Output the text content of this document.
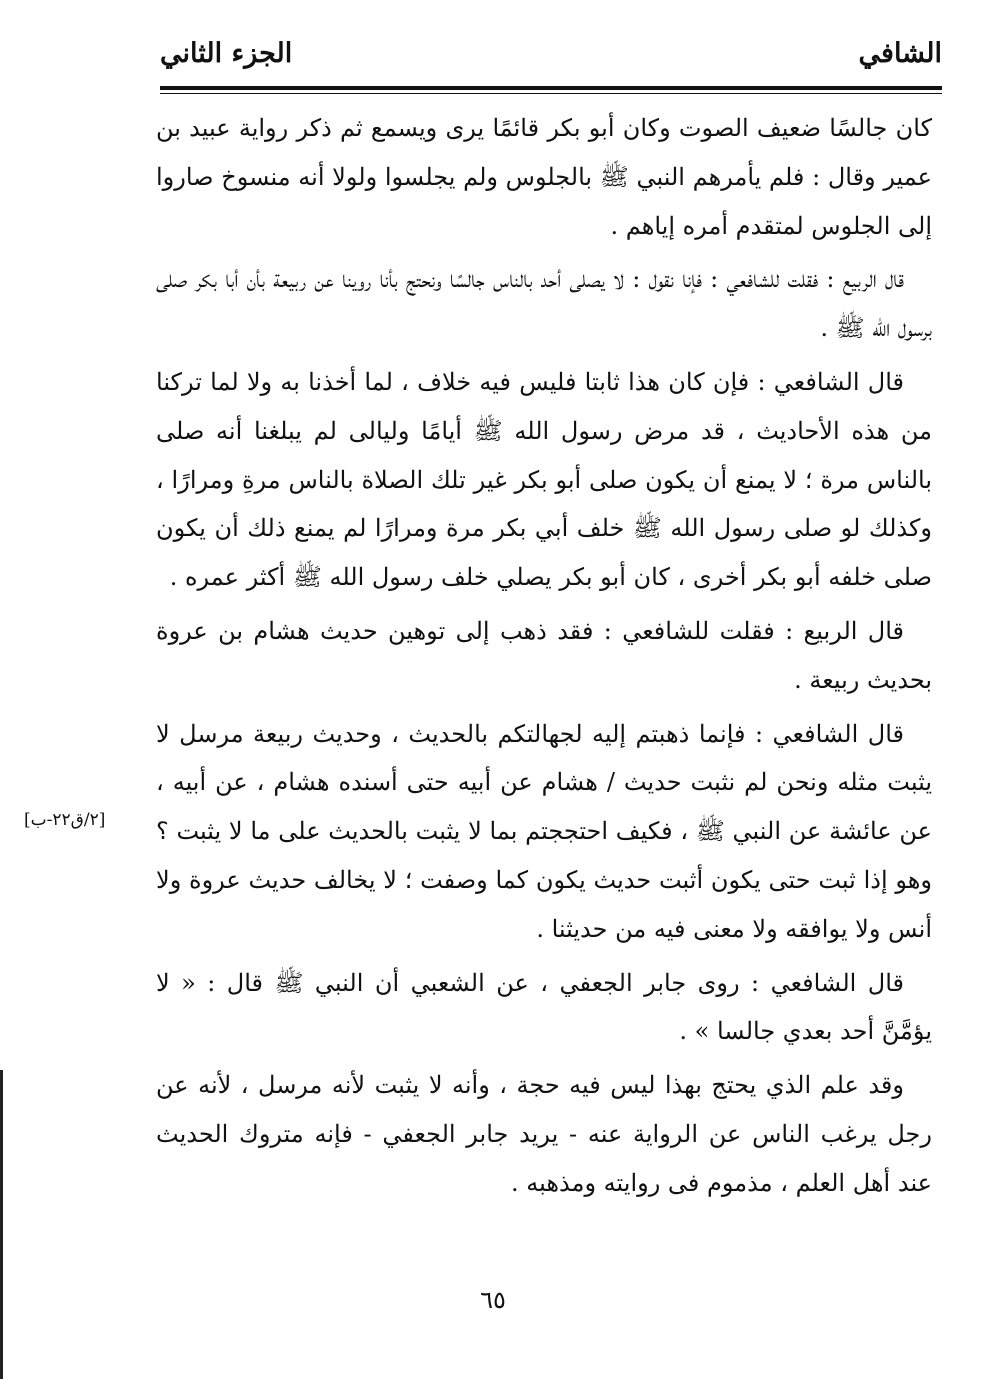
الشافي
الجزء الثاني

كان جالسًا ضعيف الصوت وكان أبو بكر قائمًا يرى ويسمع ثم ذكر رواية عبيد بن عمير وقال : فلم يأمرهم النبي ﷺ بالجلوس ولم يجلسوا ولولا أنه منسوخ صاروا إلى الجلوس لمتقدم أمره إياهم .

قال الربيع : فقلت للشافعي : فإنا نقول : لا يصلى أحد بالناس جالسًا ونحتج بأنا روينا عن ربيعة بأن أبا بكر صلى برسول الله ﷺ .

قال الشافعي : فإن كان هذا ثابتا فليس فيه خلاف ، لما أخذنا به ولا لما تركنا من هذه الأحاديث ، قد مرض رسول الله ﷺ أيامًا وليالى لم يبلغنا أنه صلى بالناس مرة ؛ لا يمنع أن يكون صلى أبو بكر غير تلك الصلاة بالناس مرةِ ومرارًا ، وكذلك لو صلى رسول الله ﷺ خلف أبي بكر مرة ومرارًا لم يمنع ذلك أن يكون صلى خلفه أبو بكر أخرى ، كان أبو بكر يصلي خلف رسول الله ﷺ أكثر عمره .

قال الربيع : فقلت للشافعي : فقد ذهب إلى توهين حديث هشام بن عروة بحديث ربيعة .

قال الشافعي : فإنما ذهبتم إليه لجهالتكم بالحديث ، وحديث ربيعة مرسل لا يثبت مثله ونحن لم نثبت حديث / هشام عن أبيه حتى أسنده هشام ، عن أبيه ، عن عائشة عن النبي ﷺ ، فكيف احتججتم بما لا يثبت بالحديث على ما لا يثبت ؟ وهو إذا ثبت حتى يكون أثبت حديث يكون كما وصفت ؛ لا يخالف حديث عروة ولا أنس ولا يوافقه ولا معنى فيه من حديثنا .

قال الشافعي : روى جابر الجعفي ، عن الشعبي أن النبي ﷺ قال : « لا يؤمَّنَّ أحد بعدي جالسا » .

وقد علم الذي يحتج بهذا ليس فيه حجة ، وأنه لا يثبت لأنه مرسل ، لأنه عن رجل يرغب الناس عن الرواية عنه - يريد جابر الجعفي - فإنه متروك الحديث عند أهل العلم ، مذموم فى روايته ومذهبه .

[٢/ق٢٢-ب]
٦٥
